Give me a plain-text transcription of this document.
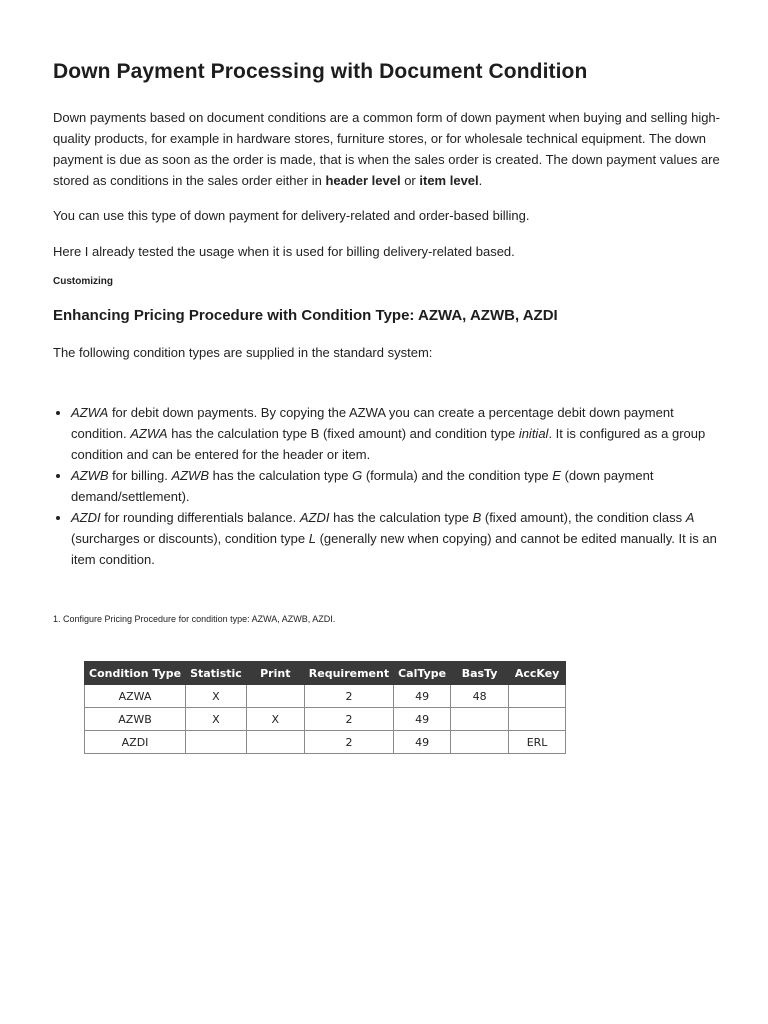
Down Payment Processing with Document Condition

Down payments based on document conditions are a common form of down payment when buying and selling high-quality products, for example in hardware stores, furniture stores, or for wholesale technical equipment. The down payment is due as soon as the order is made, that is when the sales order is created. The down payment values are stored as conditions in the sales order either in header level or item level.

You can use this type of down payment for delivery-related and order-based billing.

Here I already tested the usage when it is used for billing delivery-related based.

Customizing
Enhancing Pricing Procedure with Condition Type: AZWA, AZWB, AZDI

The following condition types are supplied in the standard system:

• AZWA for debit down payments. By copying the AZWA you can create a percentage debit down payment condition. AZWA has the calculation type B (fixed amount) and condition type initial. It is configured as a group condition and can be entered for the header or item.
• AZWB for billing. AZWB has the calculation type G (formula) and the condition type E (down payment demand/settlement).
• AZDI for rounding differentials balance. AZDI has the calculation type B (fixed amount), the condition class A (surcharges or discounts), condition type L (generally new when copying) and cannot be edited manually. It is an item condition.
1. Configure Pricing Procedure for condition type: AZWA, AZWB, AZDI.
Condition Type	Statistic	Print	Requirement	CalType	BasTy	AccKey
AZWA	X		2	49	48	
AZWB	X	X	2	49		
AZDI			2	49		ERL
